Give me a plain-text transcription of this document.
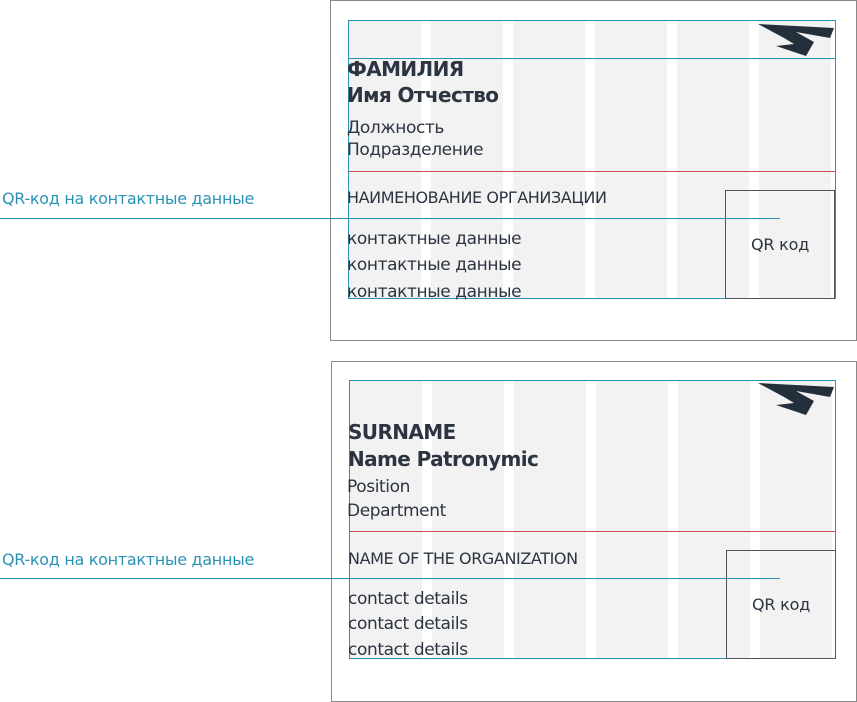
ФАМИЛИЯ
Имя Отчество
Должность
Подразделение
НАИМЕНОВАНИЕ ОРГАНИЗАЦИИ
контактные данные
контактные данные
контактные данные
QR код
QR-код на контактные данные
SURNAME
Name Patronymic
Position
Department
NAME OF THE ORGANIZATION
contact details
contact details
contact details
QR код
QR-код на контактные данные
